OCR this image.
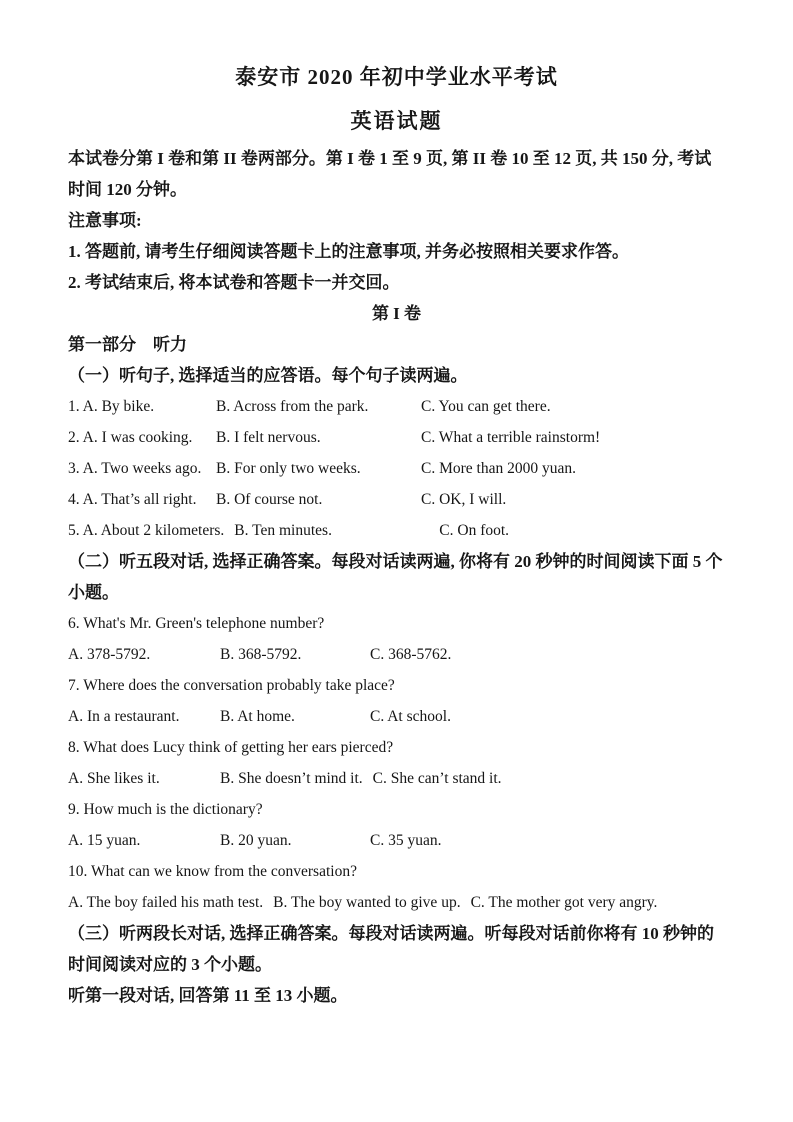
泰安市 2020 年初中学业水平考试
英语试题

本试卷分第 I 卷和第 II 卷两部分。第 I 卷 1 至 9 页, 第 II 卷 10 至 12 页, 共 150 分, 考试时间 120 分钟。

注意事项:

1. 答题前, 请考生仔细阅读答题卡上的注意事项, 并务必按照相关要求作答。

2. 考试结束后, 将本试卷和答题卡一并交回。

第 I 卷

第一部分　听力

（一）听句子, 选择适当的应答语。每个句子读两遍。

1. A. By bike.	B. Across from the park.	C. You can get there.
2. A. I was cooking.	B. I felt nervous.	C. What a terrible rainstorm!
3. A. Two weeks ago. B. For only two weeks.	C. More than 2000 yuan.
4. A. That’s all right.	B. Of course not.	C. OK, I will.
5. A. About 2 kilometers. B. Ten minutes.	C. On foot.

（二）听五段对话, 选择正确答案。每段对话读两遍, 你将有 20 秒钟的时间阅读下面 5 个小题。

6. What's Mr. Green's telephone number?

A. 378-5792.	B. 368-5792.	C. 368-5762.

7. Where does the conversation probably take place?

A. In a restaurant.	B. At home.	C. At school.

8. What does Lucy think of getting her ears pierced?

A. She likes it.	B. She doesn’t mind it. C. She can’t stand it.

9. How much is the dictionary?

A. 15 yuan.	B. 20 yuan.	C. 35 yuan.

10. What can we know from the conversation?

A. The boy failed his math test. B. The boy wanted to give up. C. The mother got very angry.

（三）听两段长对话, 选择正确答案。每段对话读两遍。听每段对话前你将有 10 秒钟的时间阅读对应的 3 个小题。

听第一段对话, 回答第 11 至 13 小题。
